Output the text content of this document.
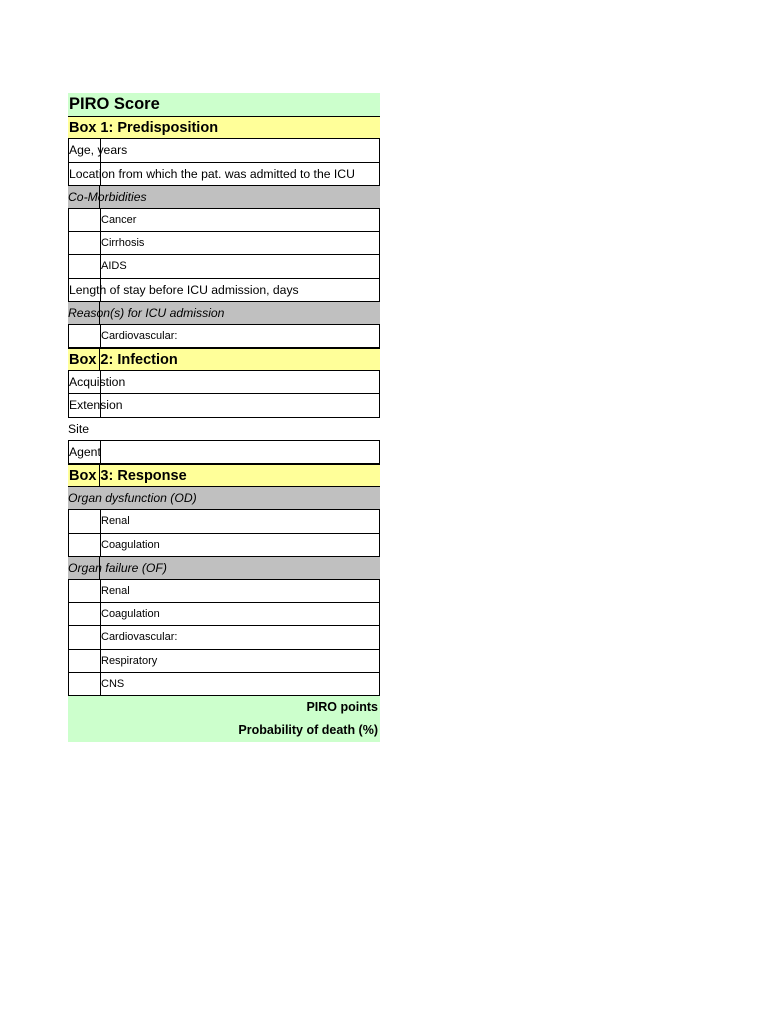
PIRO Score
Box 1: Predisposition
Age, years
Location from which the pat. was admitted to the ICU
Co-Morbidities
Cancer
Cirrhosis
AIDS
Length of stay before ICU admission, days
Reason(s) for ICU admission
Cardiovascular:
Box 2: Infection
Acquistion
Extension
Site
Agent
Box 3: Response
Organ dysfunction (OD)
Renal
Coagulation
Organ failure (OF)
Renal
Coagulation
Cardiovascular:
Respiratory
CNS
PIRO points
Probability of death (%)
